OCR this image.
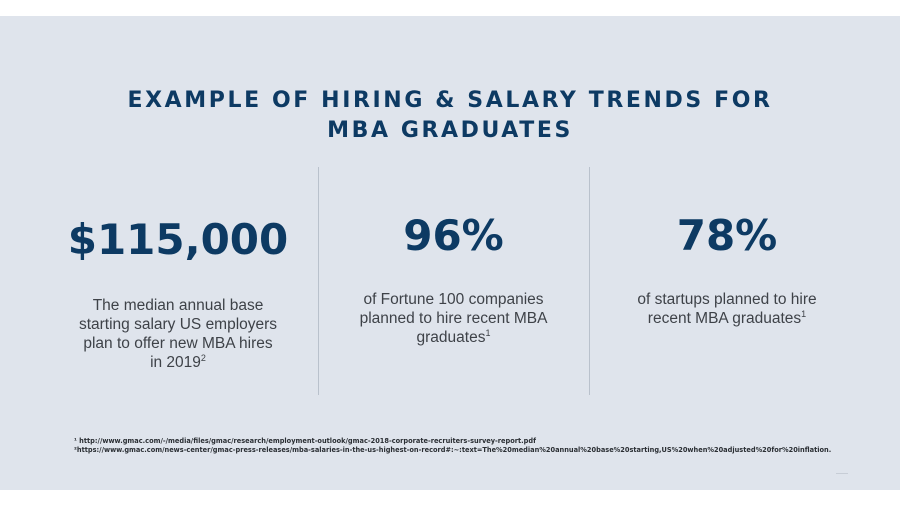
EXAMPLE OF HIRING & SALARY TRENDS FOR
MBA GRADUATES
$115,000
The median annual base
starting salary US employers
plan to offer new MBA hires
in 2019$^2$
96%
of Fortune 100 companies
planned to hire recent MBA
graduates$^1$
78%
of startups planned to hire
recent MBA graduates$^1$
¹ http://www.gmac.com/-/media/files/gmac/research/employment-outlook/gmac-2018-corporate-recruiters-survey-report.pdf
²https://www.gmac.com/news-center/gmac-press-releases/mba-salaries-in-the-us-highest-on-record#:~:text=The%20median%20annual%20base%20starting,US%20when%20adjusted%20for%20inflation.
